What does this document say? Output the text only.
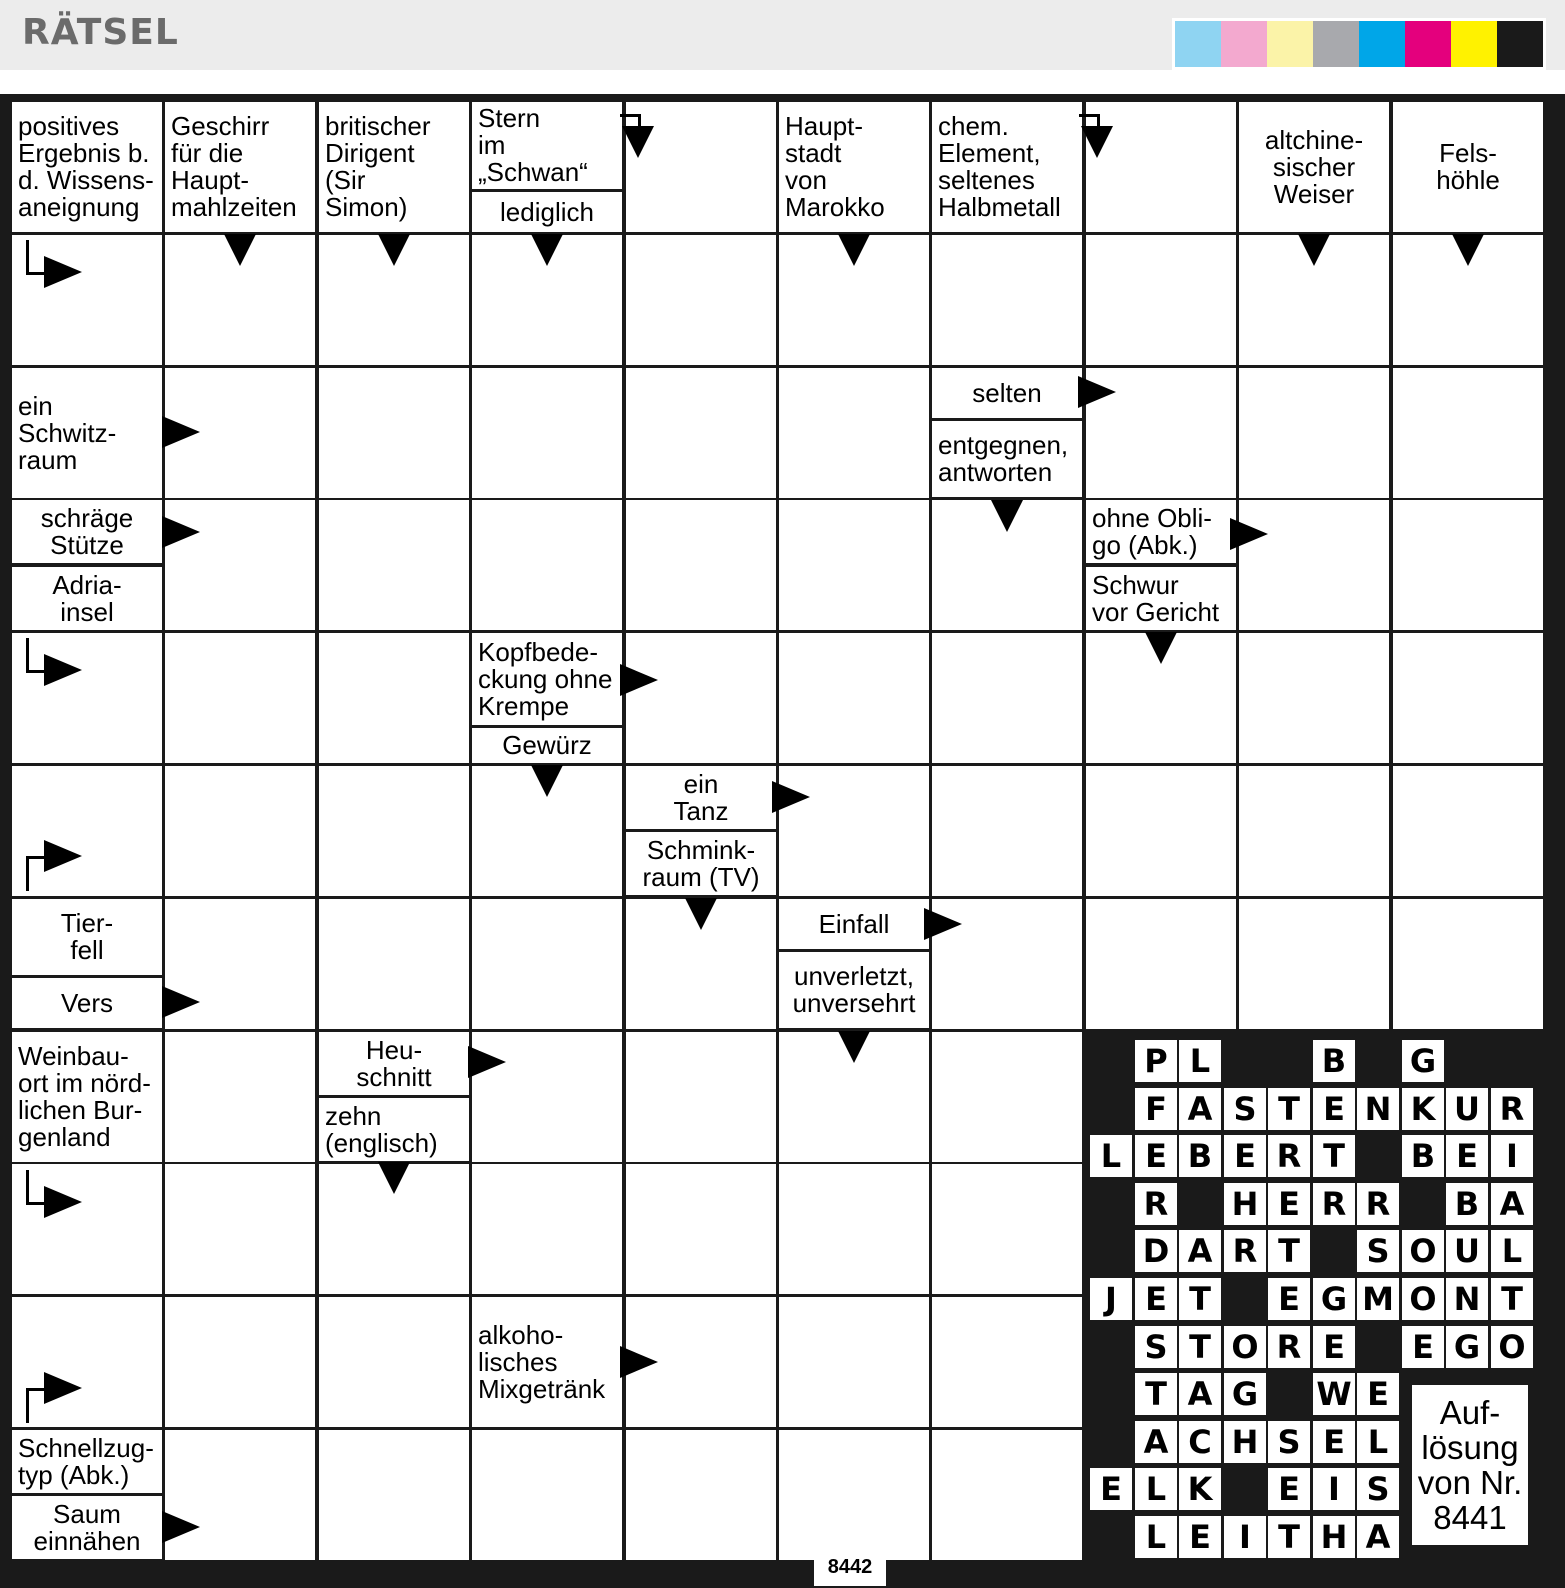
RÄTSEL
positives
Ergebnis b.
d. Wissens-
aneignung
Geschirr
für die
Haupt-
mahlzeiten
britischer
Dirigent
(Sir
Simon)
Stern
im
„Schwan“
lediglich
Haupt-
stadt
von
Marokko
chem.
Element,
seltenes
Halbmetall
altchine-
sischer
Weiser
Fels-
höhle
ein
Schwitz-
raum
selten
entgegnen,
antworten
schräge
Stütze
Adria-
insel
ohne Obli-
go (Abk.)
Schwur
vor Gericht
Kopfbede-
ckung ohne
Krempe
Gewürz
ein
Tanz
Schmink-
raum (TV)
Tier-
fell
Vers
Einfall
unverletzt,
unversehrt
Weinbau-
ort im nörd-
lichen Bur-
genland
Heu-
schnitt
zehn
(englisch)
alkoho-
lisches
Mixgetränk
Schnellzug-
typ (Abk.)
Saum
einnähen
P L	B G
F A S T E N K U R
L E B E R T	B E I
R H E R R B A
D A R T	S O U L
J E T	E G M O N T
S T O R E	E G O
T A G W E
A C H S E L
E L K	E I S
L E I T H A
Auf-
lösung
von Nr.
8441
8442
